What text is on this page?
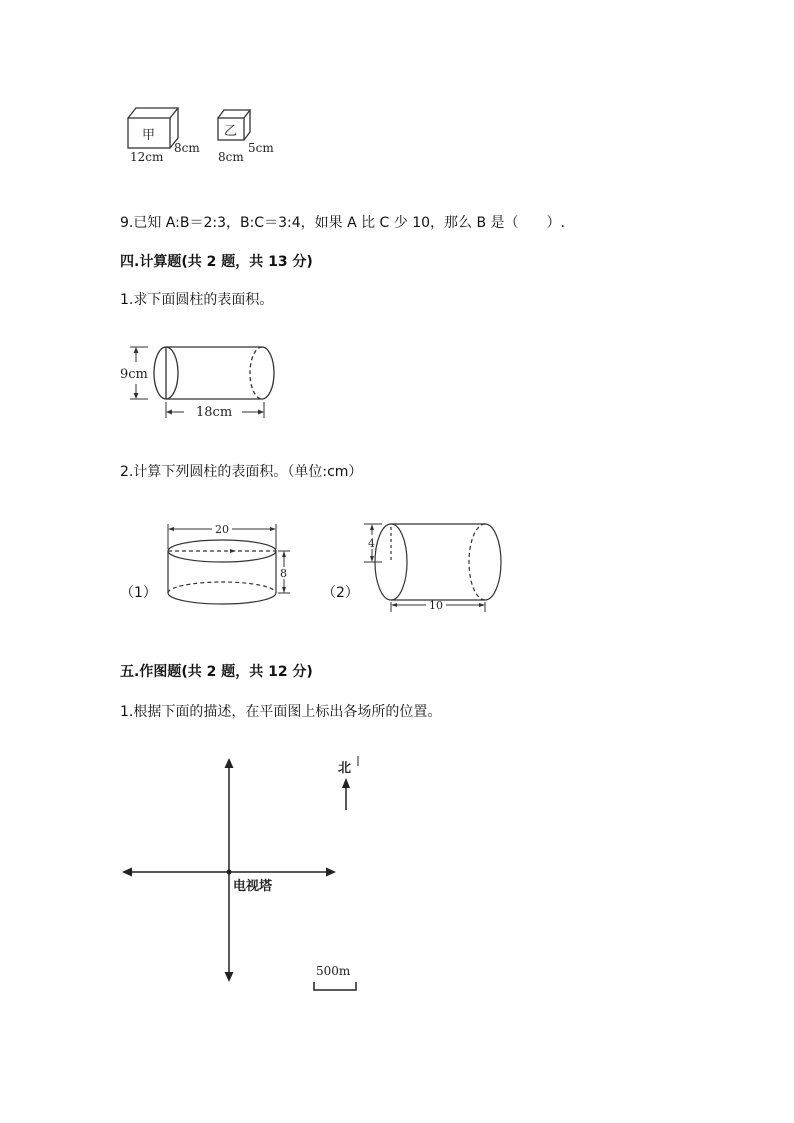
甲
12cm
8cm
乙
8cm
5cm
9.已知 A:B＝2:3，B:C＝3:4，如果 A 比 C 少 10，那么 B 是（　　）.
四.计算题(共 2 题，共 13 分)
1.求下面圆柱的表面积。
9cm
18cm
2.计算下列圆柱的表面积。（单位:cm）
（1）
20
8
（2）
4
10
五.作图题(共 2 题，共 12 分)
1.根据下面的描述，在平面图上标出各场所的位置。
北
电视塔
500m
